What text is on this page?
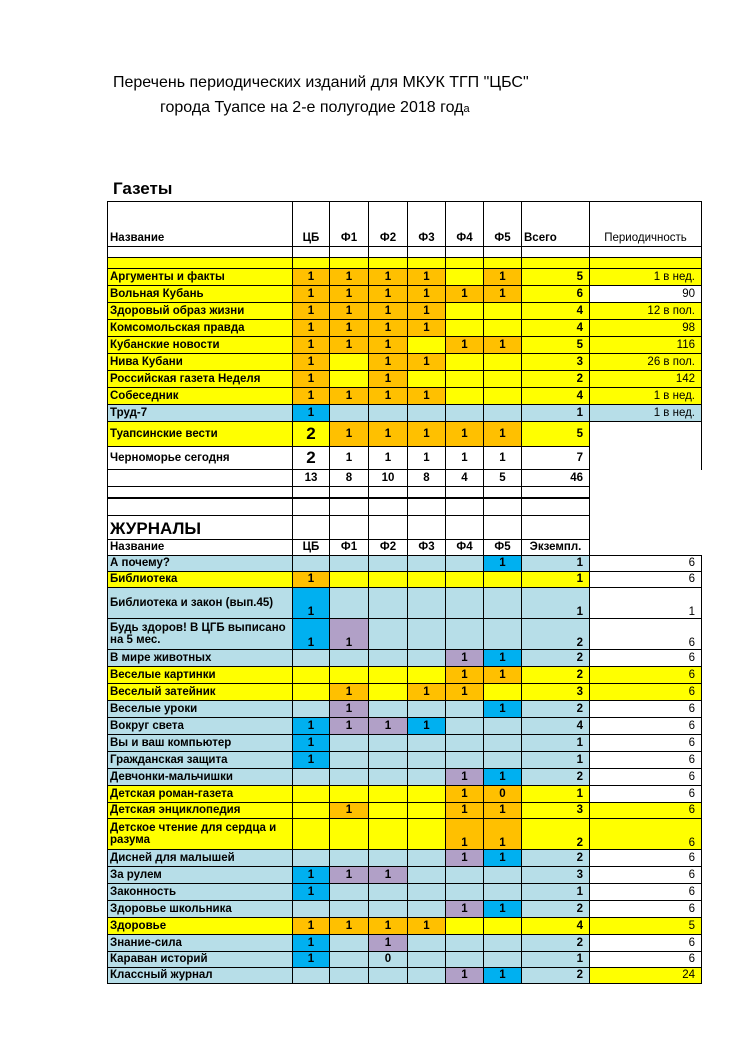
Перечень периодических изданий для МКУК ТГП "ЦБС"
города Туапсе на 2-е полугодие 2018 года
Газеты
Название	ЦБ	Ф1	Ф2	Ф3	Ф4	Ф5	Всего	Периодичность

Аргументы и факты	1	1	1	1		1	5	1 в нед.
Вольная Кубань	1	1	1	1	1	1	6	90
Здоровый образ жизни	1	1	1	1			4	12 в пол.
Комсомольская правда	1	1	1	1			4	98
Кубанские новости	1	1	1		1	1	5	116
Нива Кубани	1		1	1			3	26 в пол.
Российская газета Неделя	1		1				2	142
Собеседник	1	1	1	1			4	1 в нед.
Труд-7	1						1	1 в нед.
Туапсинские вести	2	1	1	1	1	1	5	
Черноморье сегодня	2	1	1	1	1	1	7	
	13	8	10	8	4	5	46	

ЖУРНАЛЫ								
Название	ЦБ	Ф1	Ф2	Ф3	Ф4	Ф5	Экземпл.	
А почему?						1	1	6
Библиотека	1						1	6
Библиотека и закон (вып.45)	1						1	1
Будь здоров! В ЦГБ выписано на 5 мес.	1	1					2	6
В мире животных					1	1	2	6
Веселые картинки					1	1	2	6
Веселый затейник		1		1	1		3	6
Веселые уроки		1				1	2	6
Вокруг света	1	1	1	1			4	6
Вы и ваш компьютер	1						1	6
Гражданская защита	1						1	6
Девчонки-мальчишки					1	1	2	6
Детская роман-газета					1	0	1	6
Детская энциклопедия		1			1	1	3	6
Детское чтение для сердца и разума					1	1	2	6
Дисней для малышей					1	1	2	6
За рулем	1	1	1				3	6
Законность	1						1	6
Здоровье школьника					1	1	2	6
Здоровье	1	1	1	1			4	5
Знание-сила	1		1				2	6
Караван историй	1		0				1	6
Классный журнал					1	1	2	24
